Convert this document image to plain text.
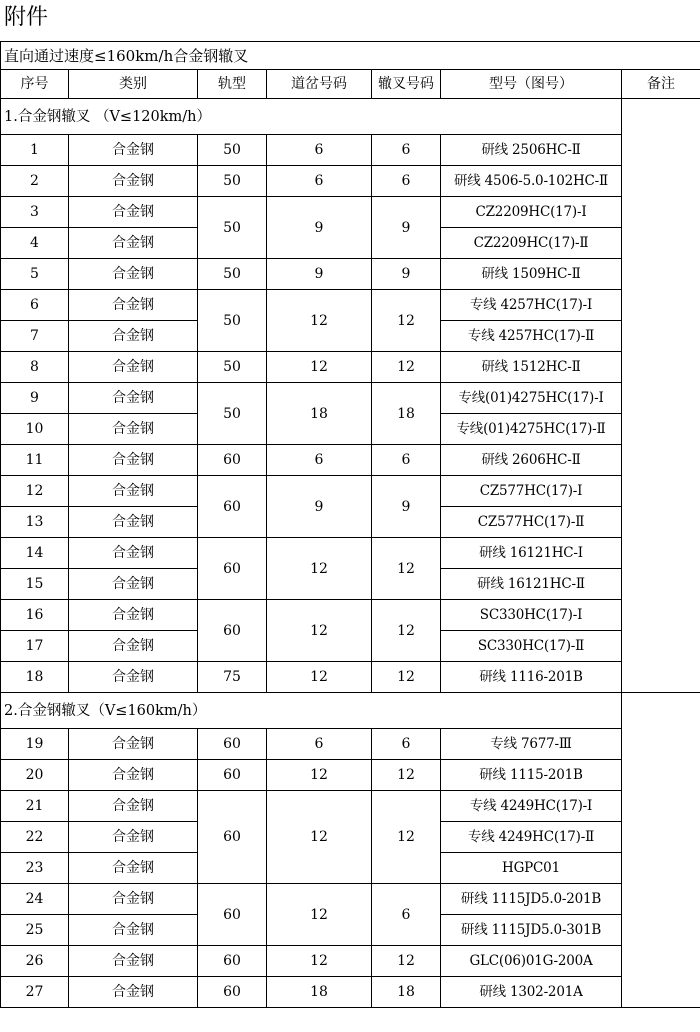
附件
直向通过速度≤160km/h合金钢辙叉						
序号	类别	轨型	道岔号码	辙叉号码	型号（图号）	备注
1.合金钢辙叉 （V≤120km/h）						
1	合金钢	50	6	6	研线 2506HC-Ⅱ	
2	合金钢	50	6	6	研线 4506-5.0-102HC-Ⅱ	
3	合金钢	50	9	9	CZ2209HC(17)-Ⅰ	
4	合金钢				CZ2209HC(17)-Ⅱ	
5	合金钢	50	9	9	研线 1509HC-Ⅱ	
6	合金钢	50	12	12	专线 4257HC(17)-Ⅰ	
7	合金钢				专线 4257HC(17)-Ⅱ	
8	合金钢	50	12	12	研线 1512HC-Ⅱ	
9	合金钢	50	18	18	专线(01)4275HC(17)-Ⅰ	
10	合金钢				专线(01)4275HC(17)-Ⅱ	
11	合金钢	60	6	6	研线 2606HC-Ⅱ	
12	合金钢	60	9	9	CZ577HC(17)-Ⅰ	
13	合金钢				CZ577HC(17)-Ⅱ	
14	合金钢	60	12	12	研线 16121HC-Ⅰ	
15	合金钢				研线 16121HC-Ⅱ	
16	合金钢	60	12	12	SC330HC(17)-Ⅰ	
17	合金钢				SC330HC(17)-Ⅱ	
18	合金钢	75	12	12	研线 1116-201B	
2.合金钢辙叉（V≤160km/h）						
19	合金钢	60	6	6	专线 7677-Ⅲ	
20	合金钢	60	12	12	研线 1115-201B	
21	合金钢	60	12	12	专线 4249HC(17)-Ⅰ	
22	合金钢				专线 4249HC(17)-Ⅱ	
23	合金钢				HGPC01	
24	合金钢	60	12	6	研线 1115JD5.0-201B	
25	合金钢				研线 1115JD5.0-301B	
26	合金钢	60	12	12	GLC(06)01G-200A	
27	合金钢	60	18	18	研线 1302-201A	
